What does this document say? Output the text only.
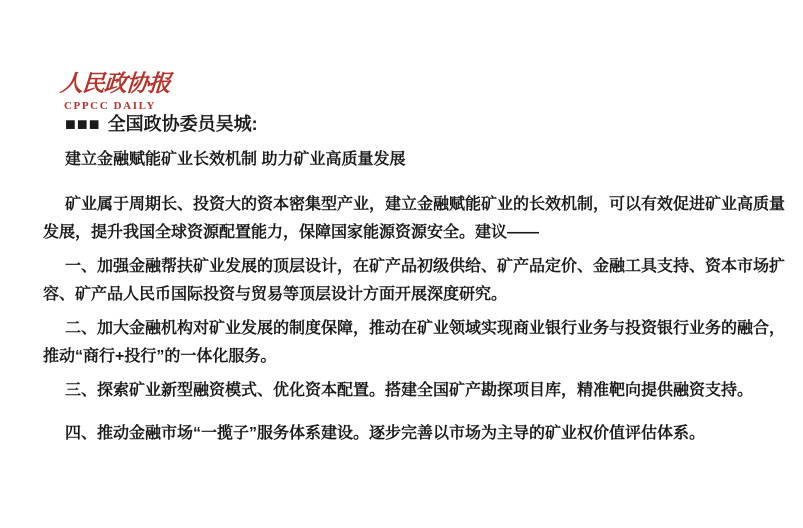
人民政协报
CPPCC DAILY
■■■ 全国政协委员吴城:
建立金融赋能矿业长效机制 助力矿业高质量发展
矿业属于周期长、投资大的资本密集型产业，建立金融赋能矿业的长效机制，可以有效促进矿业高质量
发展，提升我国全球资源配置能力，保障国家能源资源安全。建议——
一、加强金融帮扶矿业发展的顶层设计，在矿产品初级供给、矿产品定价、金融工具支持、资本市场扩
容、矿产品人民币国际投资与贸易等顶层设计方面开展深度研究。
二、加大金融机构对矿业发展的制度保障，推动在矿业领域实现商业银行业务与投资银行业务的融合，
推动“商行+投行”的一体化服务。
三、探索矿业新型融资模式、优化资本配置。搭建全国矿产勘探项目库，精准靶向提供融资支持。
四、推动金融市场“一揽子”服务体系建设。逐步完善以市场为主导的矿业权价值评估体系。
